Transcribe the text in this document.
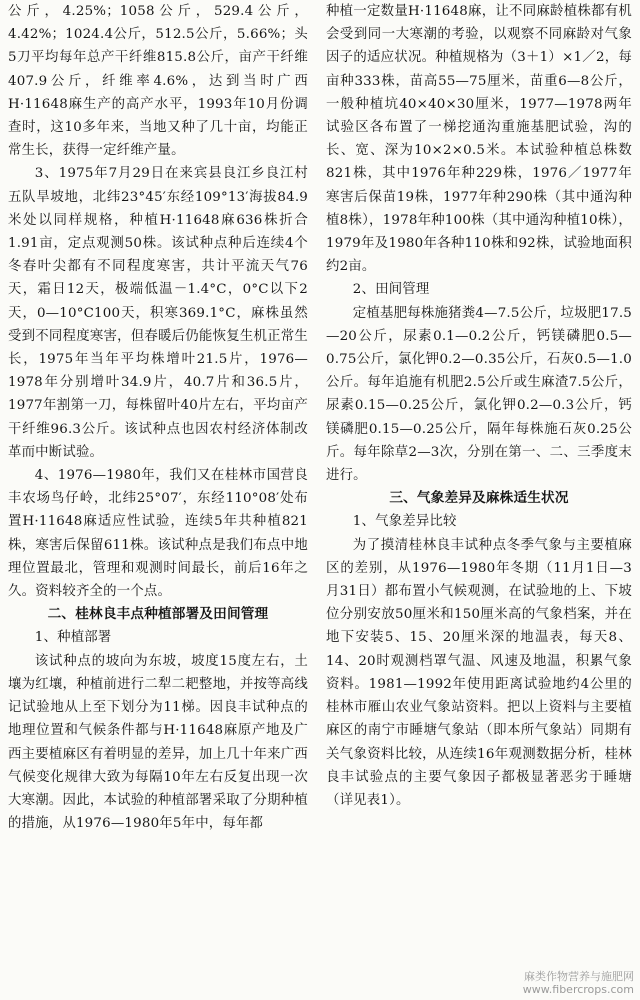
公斤，4.25%；1058公斤，529.4公斤，4.42%；1024.4公斤，512.5公斤，5.66%；头5刀平均每年总产干纤维815.8公斤，亩产干纤维407.9公斤，纤维率4.6%，达到当时广西H·11648麻生产的高产水平，1993年10月份调查时，这10多年来，当地又种了几十亩，均能正常生长，获得一定纤维产量。

3、1975年7月29日在来宾县良江乡良江村五队旱坡地，北纬23°45′东经109°13′海拔84.9米处以同样规格，种植H·11648麻636株折合1.91亩，定点观测50株。该试种点种后连续4个冬春叶尖都有不同程度寒害，共计平流天气76天，霜日12天，极端低温－1.4°C，0°C以下2天，0—10°C100天，积寒369.1°C，麻株虽然受到不同程度寒害，但春暖后仍能恢复生机正常生长，1975年当年平均株增叶21.5片，1976—1978年分别增叶34.9片，40.7片和36.5片，1977年割第一刀，每株留叶40片左右，平均亩产干纤维96.3公斤。该试种点也因农村经济体制改革而中断试验。

4、1976—1980年，我们又在桂林市国营良丰农场鸟仔岭，北纬25°07′，东经110°08′处布置H·11648麻适应性试验，连续5年共种植821株，寒害后保留611株。该试种点是我们布点中地理位置最北，管理和观测时间最长，前后16年之久。资料较齐全的一个点。

二、桂林良丰点种植部署及田间管理
1、种植部署

该试种点的坡向为东坡，坡度15度左右，土壤为红壤，种植前进行二犁二耙整地，并按等高线记试验地从上至下划分为11梯。因良丰试种点的地理位置和气候条件都与H·11648麻原产地及广西主要植麻区有着明显的差异，加上几十年来广西气候变化规律大致为每隔10年左右反复出现一次大寒潮。因此，本试验的种植部署采取了分期种植的措施，从1976—1980年5年中，每年都

种植一定数量H·11648麻，让不同麻龄植株都有机会受到同一大寒潮的考验，以观察不同麻龄对气象因子的适应状况。种植规格为（3＋1）×1／2，每亩种333株，苗高55—75厘米，苗重6—8公斤，一般种植坑40×40×30厘米，1977—1978两年试验区各布置了一梯挖通沟重施基肥试验，沟的长、宽、深为10×2×0.5米。本试验种植总株数821株，其中1976年种229株，1976／1977年寒害后保苗19株，1977年种290株（其中通沟种植8株），1978年种100株（其中通沟种植10株），1979年及1980年各种110株和92株，试验地面积约2亩。

2、田间管理

定植基肥每株施猪粪4—7.5公斤，垃圾肥17.5—20公斤，尿素0.1—0.2公斤，钙镁磷肥0.5—0.75公斤，氯化钾0.2—0.35公斤，石灰0.5—1.0公斤。每年追施有机肥2.5公斤或生麻渣7.5公斤，尿素0.15—0.25公斤，氯化钾0.2—0.3公斤，钙镁磷肥0.15—0.25公斤，隔年每株施石灰0.25公斤。每年除草2—3次，分别在第一、二、三季度末进行。

三、气象差异及麻株适生状况
1、气象差异比较

为了摸清桂林良丰试种点冬季气象与主要植麻区的差别，从1976—1980年冬期（11月1日—3月31日）都布置小气候观测，在试验地的上、下坡位分别安放50厘米和150厘米高的气象档案，并在地下安装5、15、20厘米深的地温表，每天8、14、20时观测档罩气温、风速及地温，积累气象资料。1981—1992年使用距离试验地约4公里的桂林市雁山农业气象站资料。把以上资料与主要植麻区的南宁市睡塘气象站（即本所气象站）同期有关气象资料比较，从连续16年观测数据分析，桂林良丰试验点的主要气象因子都极显著恶劣于睡塘（详见表1）。

麻类作物营养与施肥网
www.fibercrops.com
